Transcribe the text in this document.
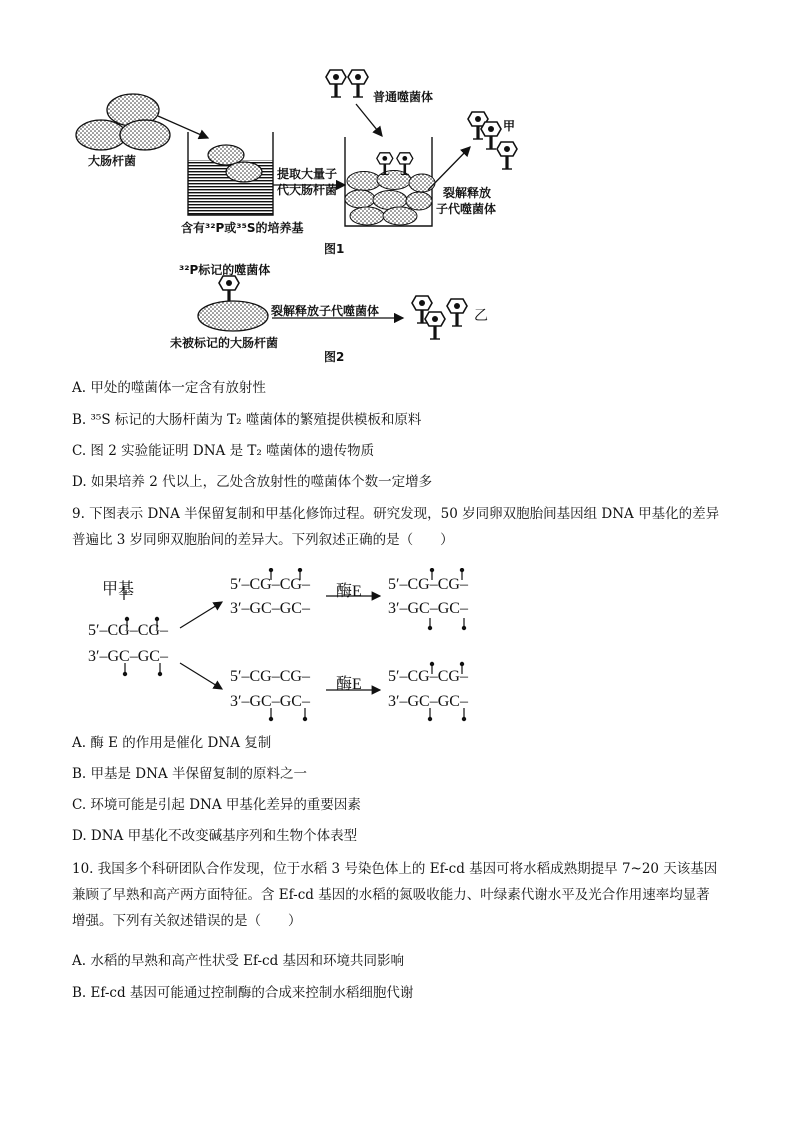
大肠杆菌
含有³²P或³⁵S的培养基
提取大量子
代大肠杆菌
普通噬菌体
裂解释放
子代噬菌体
甲
图1
³²P标记的噬菌体
裂解释放子代噬菌体
未被标记的大肠杆菌
乙
图2
A. 甲处的噬菌体一定含有放射性
B. ³⁵S 标记的大肠杆菌为 T₂ 噬菌体的繁殖提供模板和原料
C. 图 2 实验能证明 DNA 是 T₂ 噬菌体的遗传物质
D. 如果培养 2 代以上，乙处含放射性的噬菌体个数一定增多
9. 下图表示 DNA 半保留复制和甲基化修饰过程。研究发现，50 岁同卵双胞胎间基因组 DNA 甲基化的差异普遍比 3 岁同卵双胞胎间的差异大。下列叙述正确的是（　　）
甲基
5′–CG–CG–
3′–GC–GC–
5′–CG–CG–
3′–GC–GC–
酶E 5′–CG–CG–
3′–GC–GC–
5′–CG–CG–
3′–GC–GC–
酶E 5′–CG–CG–
3′–GC–GC–
A. 酶 E 的作用是催化 DNA 复制
B. 甲基是 DNA 半保留复制的原料之一
C. 环境可能是引起 DNA 甲基化差异的重要因素
D. DNA 甲基化不改变碱基序列和生物个体表型
10. 我国多个科研团队合作发现，位于水稻 3 号染色体上的 Ef-cd 基因可将水稻成熟期提早 7~20 天该基因兼顾了早熟和高产两方面特征。含 Ef-cd 基因的水稻的氮吸收能力、叶绿素代谢水平及光合作用速率均显著增强。下列有关叙述错误的是（　　）
A. 水稻的早熟和高产性状受 Ef-cd 基因和环境共同影响
B. Ef-cd 基因可能通过控制酶的合成来控制水稻细胞代谢
